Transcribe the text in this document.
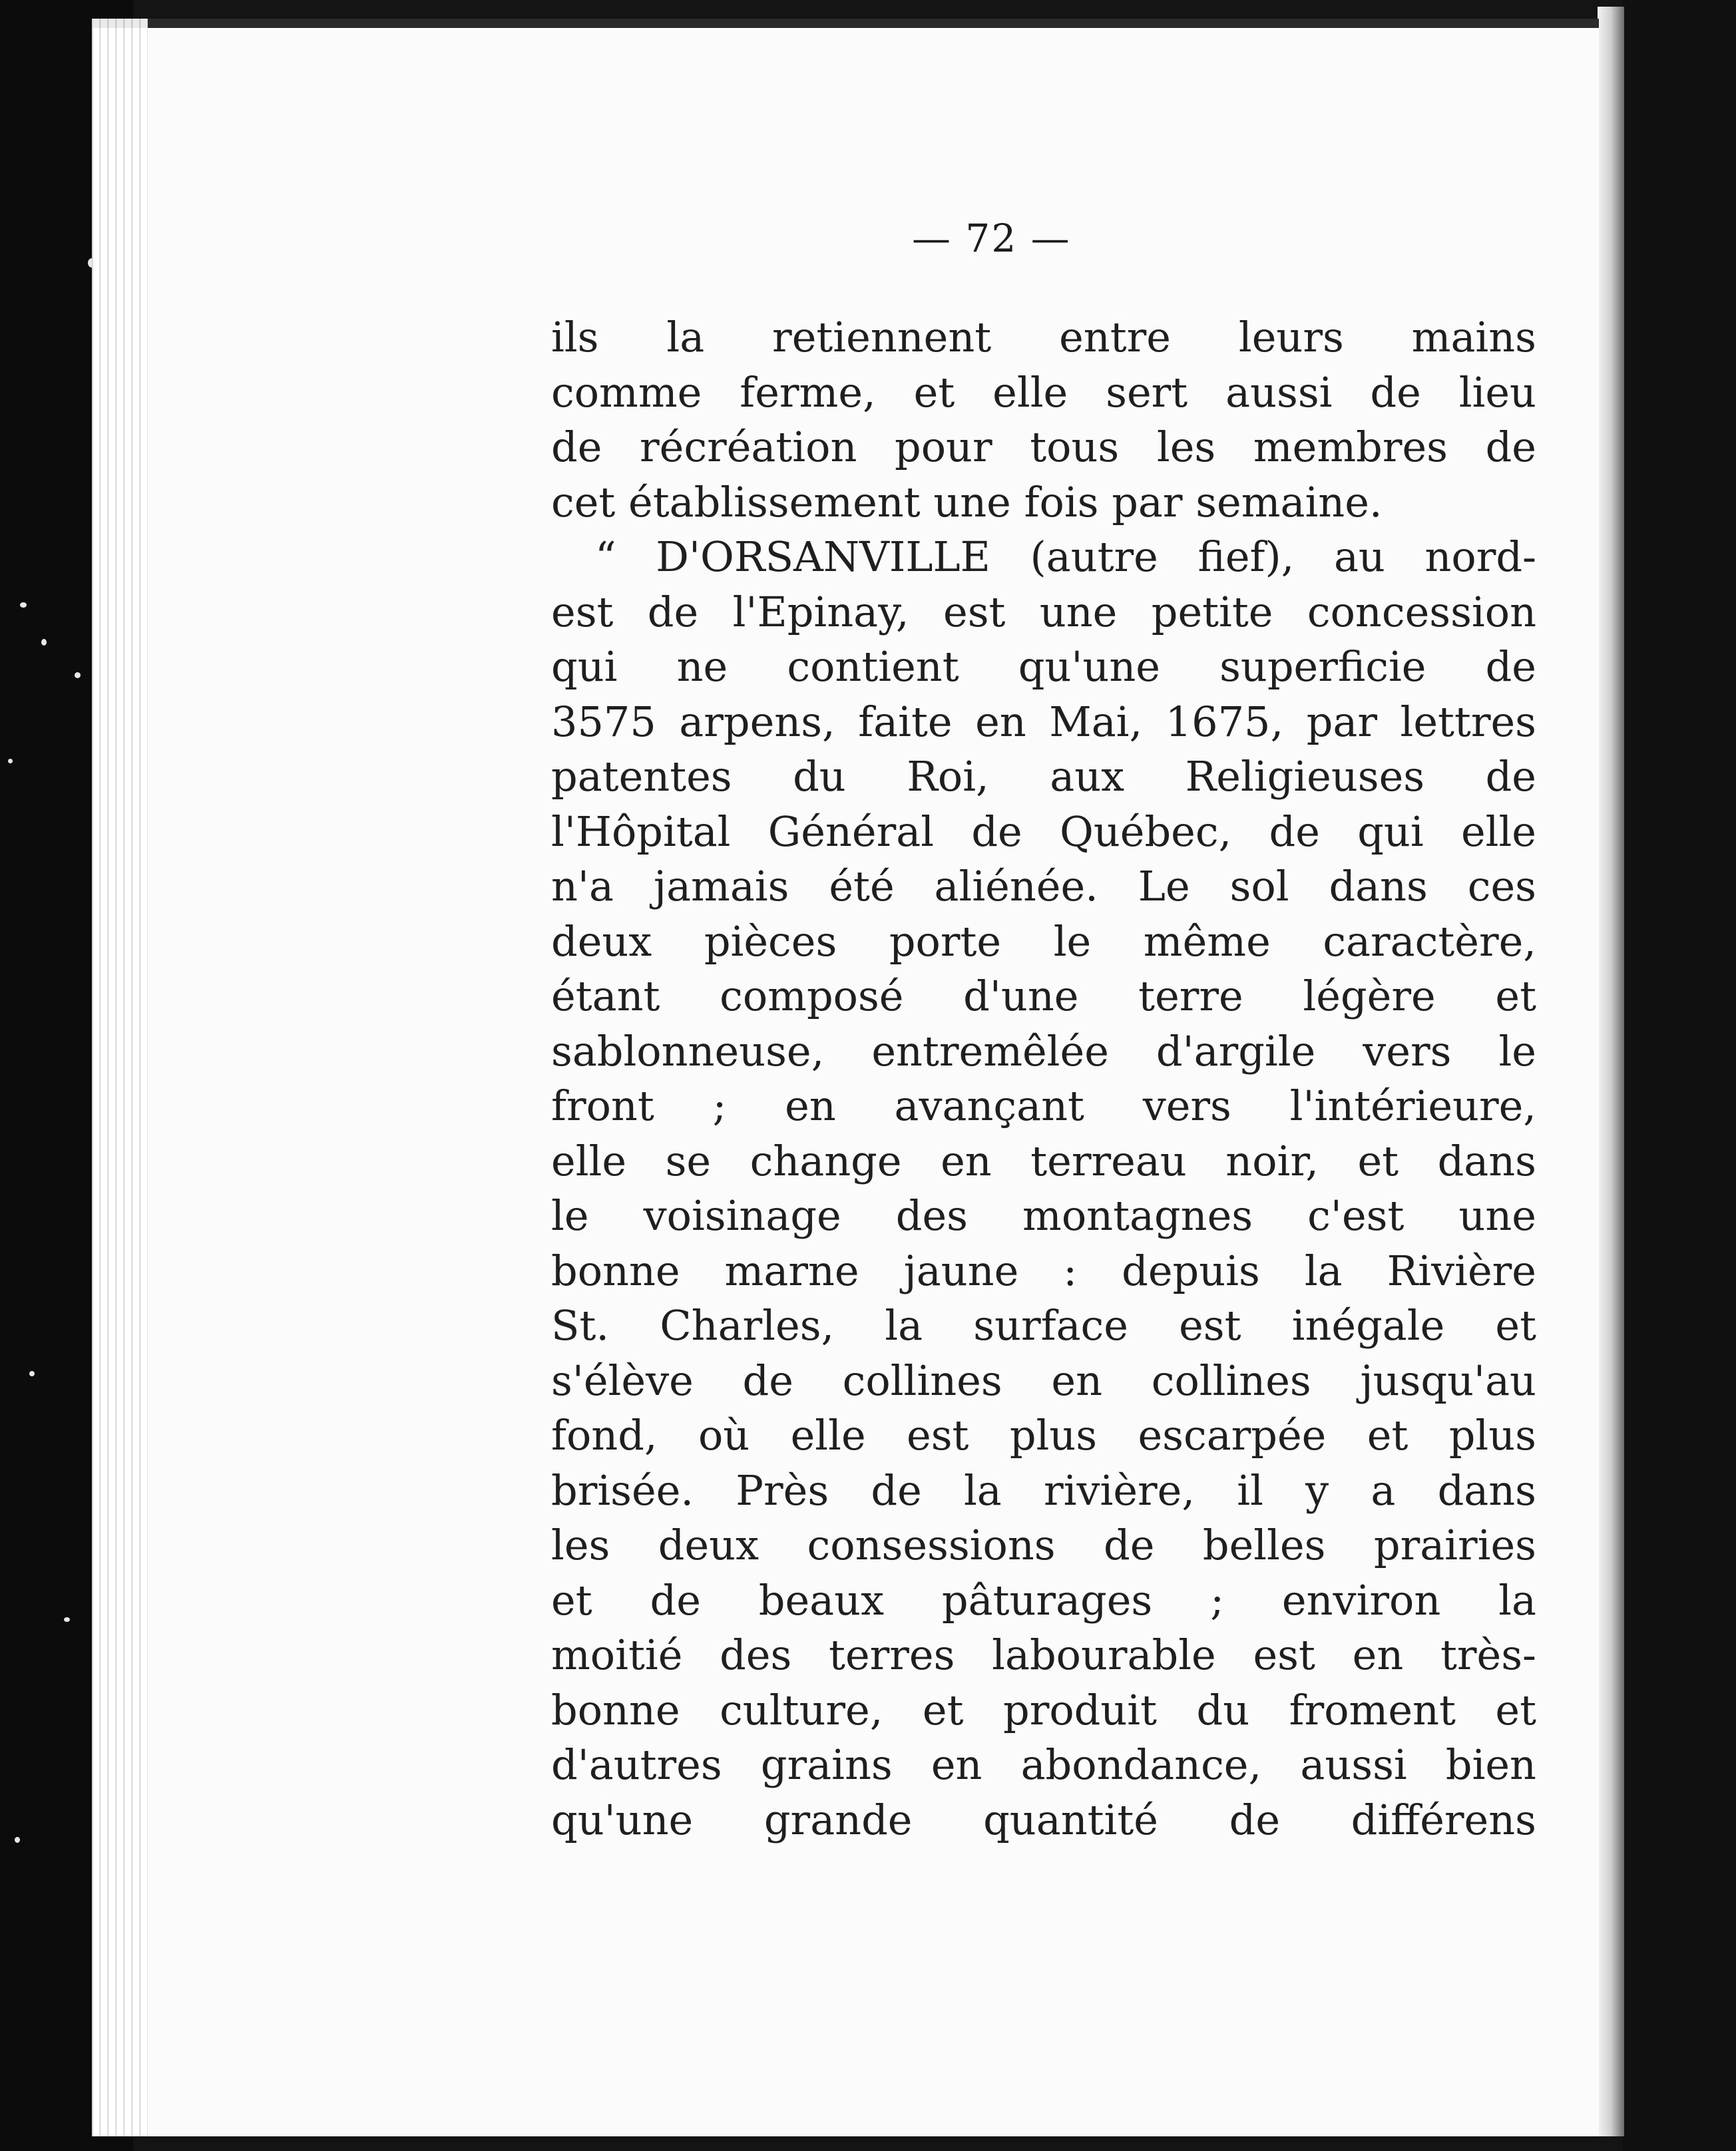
— 72 —
ils la retiennent entre leurs mains
comme ferme, et elle sert aussi de lieu
de récréation pour tous les membres de
cet établissement une fois par semaine.
“ D'ORSANVILLE (autre fief), au nord-
est de l'Epinay, est une petite concession
qui ne contient qu'une superficie de
3575 arpens, faite en Mai, 1675, par lettres
patentes du Roi, aux Religieuses de
l'Hôpital Général de Québec, de qui elle
n'a jamais été aliénée. Le sol dans ces
deux pièces porte le même caractère,
étant composé d'une terre légère et
sablonneuse, entremêlée d'argile vers le
front ; en avançant vers l'intérieure,
elle se change en terreau noir, et dans
le voisinage des montagnes c'est une
bonne marne jaune : depuis la Rivière
St. Charles, la surface est inégale et
s'élève de collines en collines jusqu'au
fond, où elle est plus escarpée et plus
brisée. Près de la rivière, il y a dans
les deux consessions de belles prairies
et de beaux pâturages ; environ la
moitié des terres labourable est en très-
bonne culture, et produit du froment et
d'autres grains en abondance, aussi bien
qu'une grande quantité de différens
